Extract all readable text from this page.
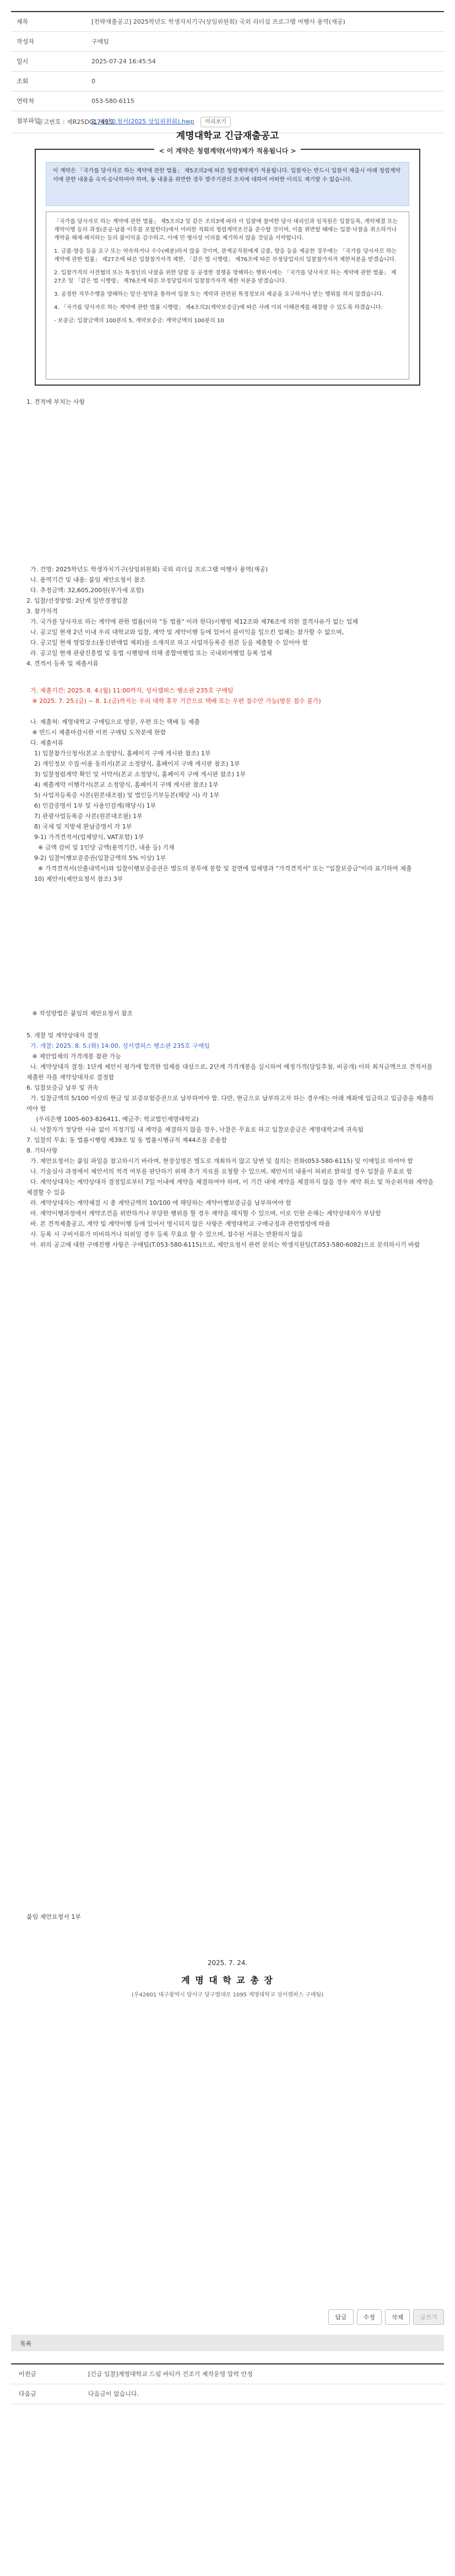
제목	[전략재출공고] 2025학년도 학생자치기구(상임위원회) 국외 리더십 프로그램 여행사 용역(재공)
작성자	구매팀
일시	2025-07-24 16:45:54
조회	0
연락처	053-580-6115
첨부파일	2. 제안요청서(2025 상임위원회).hwp 미리보기
공고번호 : 제R25D01749호
계명대학교 긴급재출공고
< 이 계약은 청렴계약(서약)제가 적용됩니다 >
이 계약은 「국가를 당사자로 하는 계약에 관한 법률」 제5조의2에 따른 청렴계약제가 적용됩니다. 입찰자는 반드시 입찰서 제출시 아래 청렴계약서에 관한 내용을 숙지·승낙하여야 하며, 동 내용을 위반한 경우 발주기관의 조치에 대하여 어떠한 이의도 제기할 수 없습니다.

「국가를 당사자로 하는 계약에 관한 법률」 제5조의2 및 같은 조의3에 따라 이 입찰에 참여한 당사 대리인과 임직원은 입찰등록, 계약체결 또는 계약이행 등의 과정(준공·납품 이후를 포함한다)에서 어떠한 직회의 청렴계약조건을 준수할 것이며, 이를 위반할 때에는 입찰·낙찰을 취소하거나 계약을 해제·해지하는 등의 불이익을 감수하고, 이에 민·형사상 이의를 제기하지 않을 것임을 서약합니다.

1. 금품·향응 등을 요구 또는 약속하거나 수수(배분)하지 않을 것이며, 관계공직원에게 금품, 향응 등을 제공한 경우에는 「국가를 당사자로 하는 계약에 관한 법률」 제27조에 따른 입찰참가자격 제한, 「같은 법 시행령」 제76조에 따른 부정당업자의 입찰참가자격 제한처분을 받겠습니다.

2. 입찰가격의 사전협의 또는 특정인의 낙찰을 위한 담합 등 공정한 경쟁을 방해하는 행위시에는 「국가를 당사자로 하는 계약에 관한 법률」 제27조 및 「같은 법 시행령」 제76조에 따른 부정당업자의 입찰참가자격 제한 처분을 받겠습니다.

3. 공정한 직무수행을 방해하는 알선·청탁을 통하여 입찰 또는 계약과 관련된 특정정보의 제공을 요구하거나 받는 행위를 하지 않겠습니다.

4. 「국가를 당사자로 하는 계약에 관한 법률 시행령」 제4조의2(계약보증금)에 따른 사례 이외 이해관계를 해결할 수 있도록 하겠습니다.

- 보증금: 입찰금액의 100분의 5, 계약보증금: 계약금액의 100분의 10

1. 견적에 부치는 사항
가. 건명: 2025학년도 학생자치기구(상임위원회) 국외 리더십 프로그램 여행사 용역(재공)
나. 용역기간 및 내용: 붙임 제안요청서 참조
다. 추정금액: 32,605,200원(부가세 포함)
2. 입찰/선정방법: 2단계 일반경쟁입찰
3. 참가자격
가. 국가를 당사자로 하는 계약에 관한 법률(이하 "동 법률" 이라 한다)시행령 제12조와 제76조에 의한 결격사유가 없는 업체
나. 공고일 현재 2년 이내 우리 대학교와 입찰, 계약 및 계약이행 등에 있어서 불이익을 일으킨 업체는 참가할 수 없으며,
다. 공고일 현재 영업장소(통신판매업 제외)를 소재지로 하고 사업자등록증 원본 등을 제출할 수 있어야 함
라. 공고일 현재 관광진흥법 및 동법 시행령에 의해 종합여행업 또는 국내외여행업 등록 업체
4. 견적서 등록 및 제출서류
가. 제출기간: 2025. 8. 4.(월) 11:00까지, 성서캠퍼스 행소관 235호 구매팀
※ 2025. 7. 25.(금) ~ 8. 1.(금)까지는 우리 대학 휴무 기간으로 택배 또는 우편 접수만 가능(방문 접수 불가)
나. 제출처: 계명대학교 구매팀으로 방문, 우편 또는 택배 등 제출
※ 반드시 제출마감시한 이전 구매팀 도착분에 한함
다. 제출서류
1) 입찰참가신청서(본교 소정양식, 홈페이지 구매 게시판 참조) 1부
2) 개인정보 수집·이용 동의서(본교 소정양식, 홈페이지 구매 게시판 참조) 1부
3) 입찰청렴계약 확인 및 서약서(본교 소정양식, 홈페이지 구매 게시판 참조) 1부
4) 제출계약 이행각서(본교 소정양식, 홈페이지 구매 게시판 참조) 1부
5) 사업자등록증 사본(원본대조필) 및 법인등기부등본(해당 시) 각 1부
6) 인감증명서 1부 및 사용인감계(해당시) 1부
7) 관광사업등록증 사본(원본대조필) 1부
8) 국세 및 지방세 완납증명서 각 1부
9-1) 가격견적서(업체양식, VAT포함) 1부
※ 금액 감비 및 1인당 금액(용역기간, 내용 등) 기재
9-2) 입찰이행보증증권(입찰금액의 5% 이상) 1부
※ 가격견적서(산출내역서)와 입찰이행보증증권은 별도의 봉투에 봉합 및 겉면에 업체명과 "가격견적서" 또는 "입찰보증금"이라 표기하여 제출
10) 제안서(제안요청서 참조) 3부
※ 작성방법은 붙임의 제안요청서 참조
5. 개찰 및 계약상대자 결정
가. 개찰: 2025. 8. 5.(화) 14:00, 성서캠퍼스 행소관 235호 구매팀
※ 제안업체의 가격개봉 참관 가능
나. 계약상대자 결정: 1단계 제안서 평가에 합격한 업체를 대상으로, 2단계 가격개봉을 실시하여 예정가격(당일추첨, 비공개) 이하 최저금액으로 견적서를 제출한 자를 계약상대자로 결정함
6. 입찰보증금 납부 및 귀속
가. 입찰금액의 5/100 이상의 현금 및 보증보험증권으로 납부하여야 함. 다만, 현금으로 납부하고자 하는 경우에는 아래 계좌에 입금하고 입금증을 제출하여야 함
(우리은행 1005-603-826411, 예금주: 학교법인계명대학교)
나. 낙찰자가 정당한 사유 없이 지정기일 내 계약을 체결하지 않을 경우, 낙찰은 무효로 하고 입찰보증금은 계명대학교에 귀속됨
7. 입찰의 무효: 동 법률시행령 제39조 및 동 법률시행규칙 제44조를 준용함
8. 기타사항
가. 제안요청서는 붙임 파일을 참고하시기 바라며, 현장설명은 별도로 개최하지 않고 답변 및 질의는 전화(053-580-6115) 및 이메일로 하여야 함
나. 기술심사 과정에서 제안서의 적격 여부를 판단하기 위해 추가 자료를 요청할 수 있으며, 제안서의 내용이 허위로 밝혀질 경우 입찰을 무효로 함
다. 계약상대자는 계약상대자 결정일로부터 7일 이내에 계약을 체결하여야 하며, 이 기간 내에 계약을 체결하지 않을 경우 계약 취소 및 차순위자와 계약을 체결할 수 있음
라. 계약상대자는 계약체결 시 총 계약금액의 10/100 에 해당하는 계약이행보증금을 납부하여야 함
마. 계약이행과정에서 계약조건을 위반하거나 부당한 행위를 할 경우 계약을 해지할 수 있으며, 이로 인한 손해는 계약상대자가 부담함
바. 본 견적제출공고, 계약 및 계약이행 등에 있어서 명시되지 않은 사항은 계명대학교 구매규정과 관련법령에 따름
사. 등록 시 구비서류가 미비하거나 허위일 경우 등록 무효로 할 수 있으며, 접수된 서류는 반환하지 않음
아. 위의 공고에 대한 구매진행 사항은 구매팀(T.053-580-6115)으로, 제안요청서 관련 문의는 학생지원팀(T.053-580-6082)으로 문의하시기 바람
붙임 제안요청서 1부
2025. 7. 24.
계 명 대 학 교 총 장
(우42601 대구광역시 달서구 달구벌대로 1095 계명대학교 성서캠퍼스 구매팀)
답글	수정	삭제	글쓰기
목록
이전글	[긴급 입찰]계명대학교 드림 바티카 건조기 제작운영 압력 안정
다음글	다음글이 없습니다.
